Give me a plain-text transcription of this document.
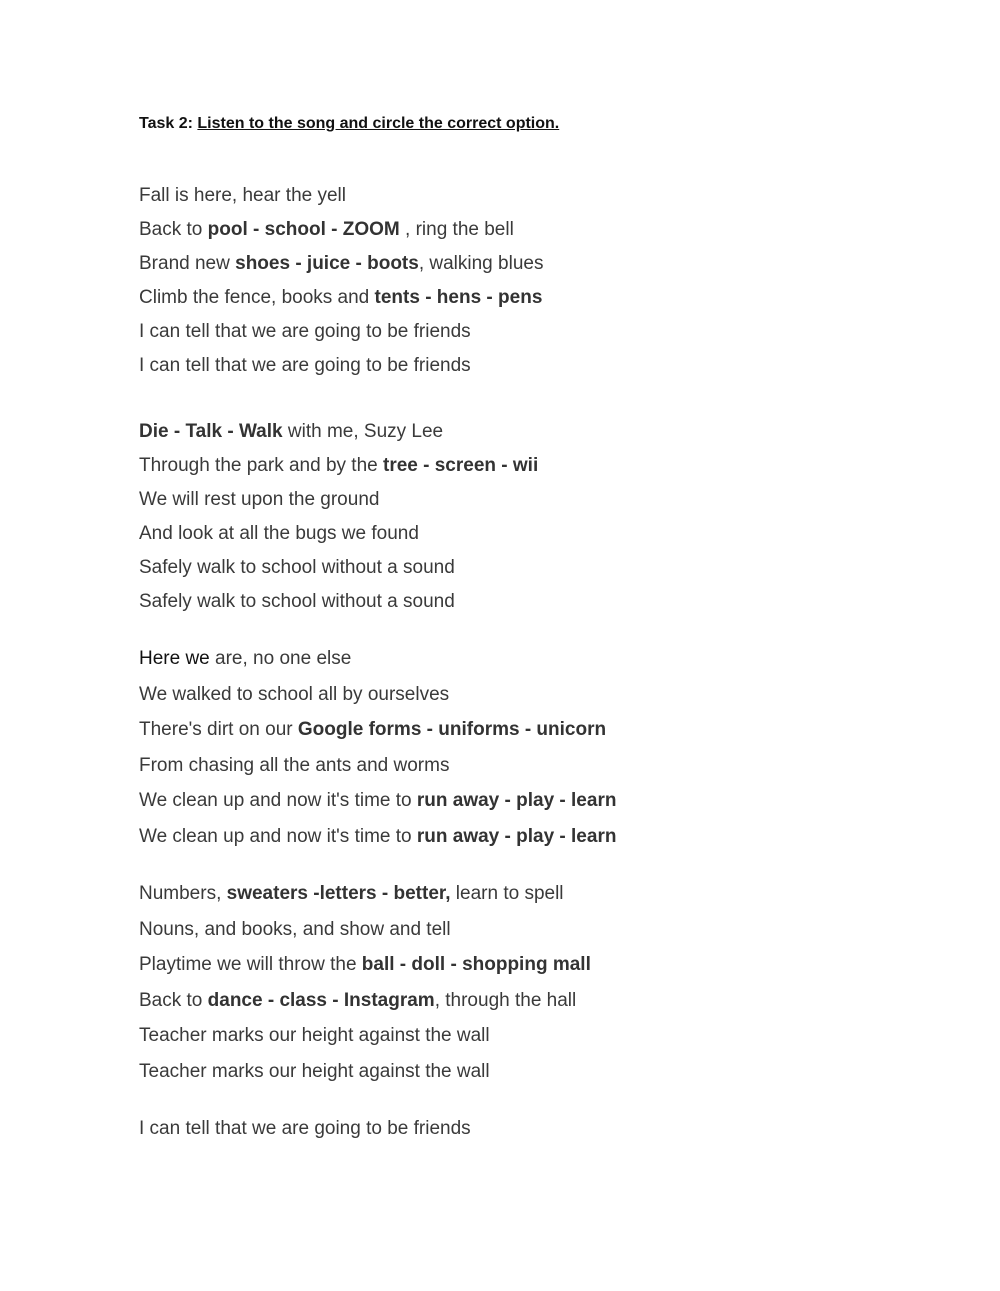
Task 2: Listen to the song and circle the correct option.
Fall is here, hear the yell
Back to pool - school - ZOOM , ring the bell
Brand new shoes - juice - boots, walking blues
Climb the fence, books and tents - hens - pens
I can tell that we are going to be friends
I can tell that we are going to be friends
Die - Talk - Walk with me, Suzy Lee
Through the park and by the tree - screen - wii
We will rest upon the ground
And look at all the bugs we found
Safely walk to school without a sound
Safely walk to school without a sound
Here we are, no one else
We walked to school all by ourselves
There's dirt on our Google forms - uniforms - unicorn
From chasing all the ants and worms
We clean up and now it's time to run away - play - learn
We clean up and now it's time to run away - play - learn
Numbers, sweaters -letters - better, learn to spell
Nouns, and books, and show and tell
Playtime we will throw the ball - doll - shopping mall
Back to dance - class - Instagram, through the hall
Teacher marks our height against the wall
Teacher marks our height against the wall
I can tell that we are going to be friends
